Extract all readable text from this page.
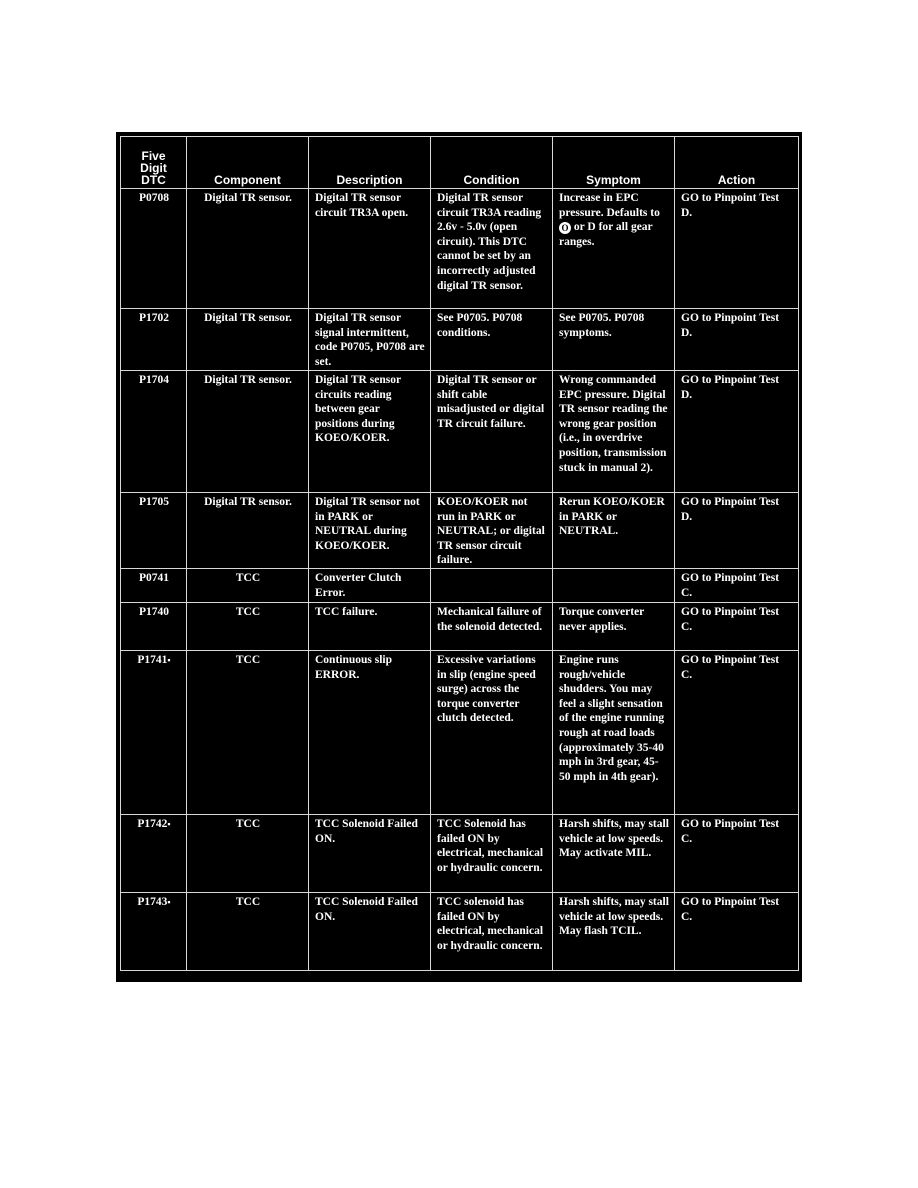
Five
Digit
DTC	Component	Description	Condition	Symptom	Action
P0708	Digital TR sensor.	Digital TR sensor circuit TR3A open.	Digital TR sensor circuit TR3A reading 2.6v - 5.0v (open circuit). This DTC cannot be set by an incorrectly adjusted digital TR sensor.	Increase in EPC pressure. Defaults to O or D for all gear ranges.	GO to Pinpoint Test D.
P1702	Digital TR sensor.	Digital TR sensor signal intermittent, code P0705, P0708 are set.	See P0705. P0708 conditions.	See P0705. P0708 symptoms.	GO to Pinpoint Test D.
P1704	Digital TR sensor.	Digital TR sensor circuits reading between gear positions during KOEO/KOER.	Digital TR sensor or shift cable misadjusted or digital TR circuit failure.	Wrong commanded EPC pressure. Digital TR sensor reading the wrong gear position (i.e., in overdrive position, transmission stuck in manual 2).	GO to Pinpoint Test D.
P1705	Digital TR sensor.	Digital TR sensor not in PARK or NEUTRAL during KOEO/KOER.	KOEO/KOER not run in PARK or NEUTRAL; or digital TR sensor circuit failure.	Rerun KOEO/KOER in PARK or NEUTRAL.	GO to Pinpoint Test D.
P0741	TCC	Converter Clutch Error.			GO to Pinpoint Test C.
P1740	TCC	TCC failure.	Mechanical failure of the solenoid detected.	Torque converter never applies.	GO to Pinpoint Test C.
P1741▪	TCC	Continuous slip ERROR.	Excessive variations in slip (engine speed surge) across the torque converter clutch detected.	Engine runs rough/vehicle shudders. You may feel a slight sensation of the engine running rough at road loads (approximately 35-40 mph in 3rd gear, 45-50 mph in 4th gear).	GO to Pinpoint Test C.
P1742▪	TCC	TCC Solenoid Failed ON.	TCC Solenoid has failed ON by electrical, mechanical or hydraulic concern.	Harsh shifts, may stall vehicle at low speeds. May activate MIL.	GO to Pinpoint Test C.
P1743▪	TCC	TCC Solenoid Failed ON.	TCC solenoid has failed ON by electrical, mechanical or hydraulic concern.	Harsh shifts, may stall vehicle at low speeds. May flash TCIL.	GO to Pinpoint Test C.
